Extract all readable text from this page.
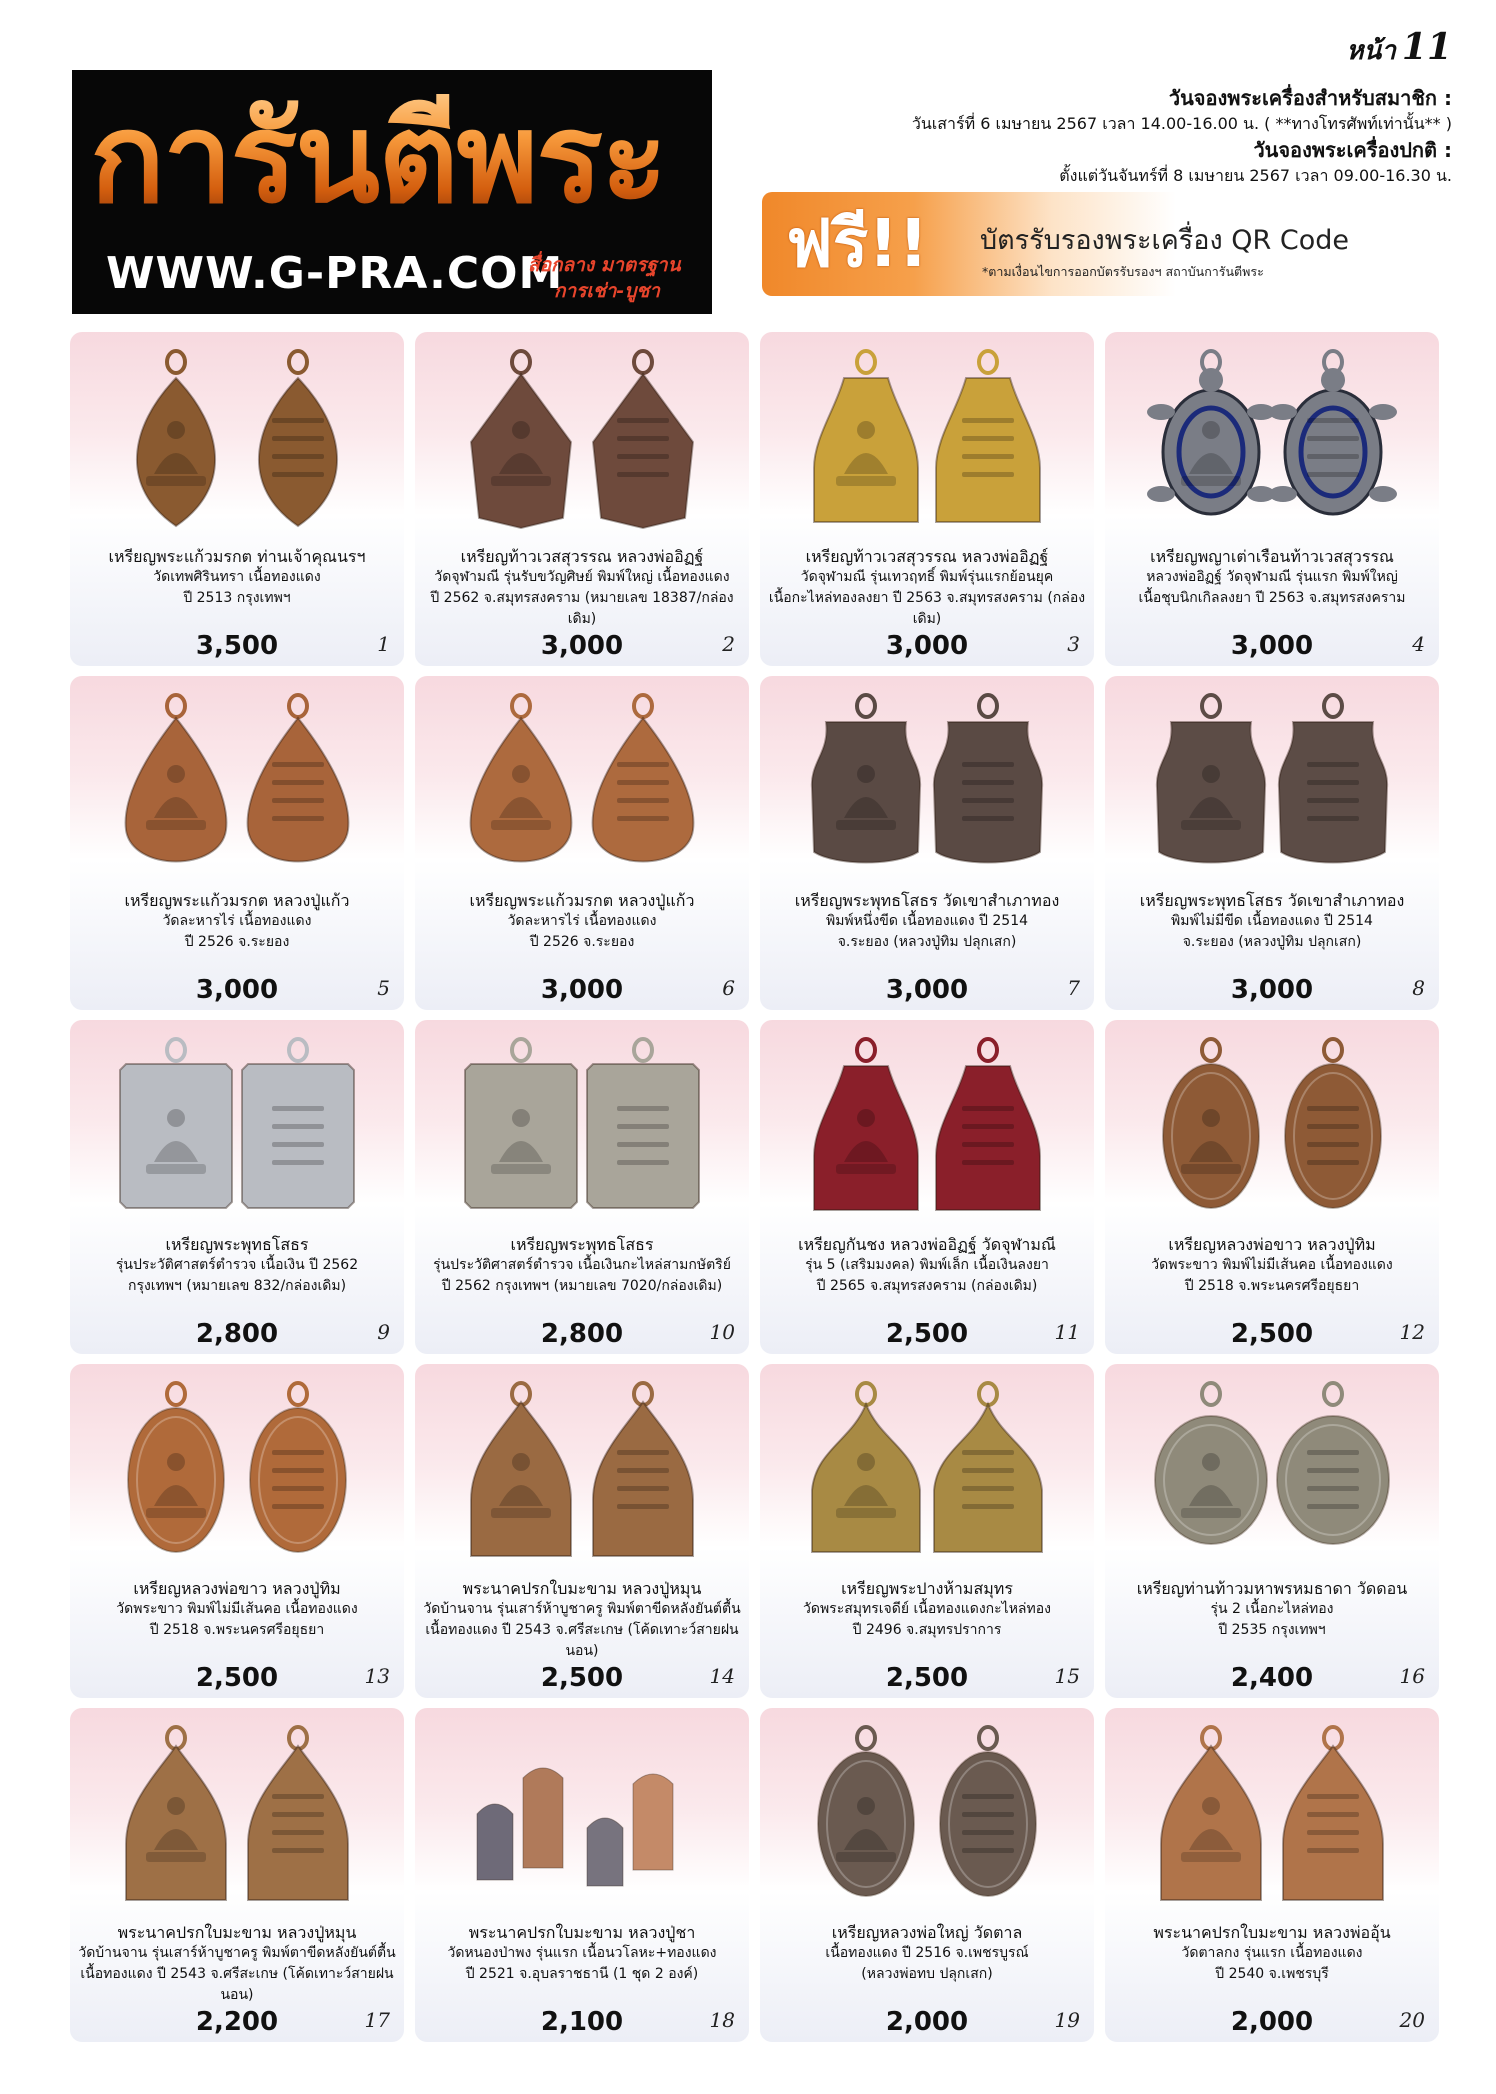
หน้า 11
การันตีพระ
WWW.G-PRA.COM
สื่อกลาง มาตรฐาน
การเช่า-บูชา
วันจองพระเครื่องสำหรับสมาชิก :
วันเสาร์ที่ 6 เมษายน 2567 เวลา 14.00-16.00 น. ( **ทางโทรศัพท์เท่านั้น** )
วันจองพระเครื่องปกติ :
ตั้งแต่วันจันทร์ที่ 8 เมษายน 2567 เวลา 09.00-16.30 น.
ฟรี!! บัตรรับรองพระเครื่อง QR Code
*ตามเงื่อนไขการออกบัตรรับรองฯ สถาบันการันตีพระ
เหรียญพระแก้วมรกต ท่านเจ้าคุณนรฯ
วัดเทพศิรินทรา เนื้อทองแดง
ปี 2513 กรุงเทพฯ
3,500	1
เหรียญท้าวเวสสุวรรณ หลวงพ่ออิฏฐ์
วัดจุฬามณี รุ่นรับขวัญศิษย์ พิมพ์ใหญ่ เนื้อทองแดง
ปี 2562 จ.สมุทรสงคราม (หมายเลข 18387/กล่องเดิม)
3,000	2
เหรียญท้าวเวสสุวรรณ หลวงพ่ออิฏฐ์
วัดจุฬามณี รุ่นเทวฤทธิ์ พิมพ์รุ่นแรกย้อนยุค
เนื้อกะไหล่ทองลงยา ปี 2563 จ.สมุทรสงคราม (กล่องเดิม)
3,000	3
เหรียญพญาเต่าเรือนท้าวเวสสุวรรณ
หลวงพ่ออิฏฐ์ วัดจุฬามณี รุ่นแรก พิมพ์ใหญ่
เนื้อชุบนิกเกิลลงยา ปี 2563 จ.สมุทรสงคราม
3,000	4
เหรียญพระแก้วมรกต หลวงปู่แก้ว
วัดละหารไร่ เนื้อทองแดง
ปี 2526 จ.ระยอง
3,000	5
เหรียญพระแก้วมรกต หลวงปู่แก้ว
วัดละหารไร่ เนื้อทองแดง
ปี 2526 จ.ระยอง
3,000	6
เหรียญพระพุทธโสธร วัดเขาสำเภาทอง
พิมพ์หนึ่งขีด เนื้อทองแดง ปี 2514
จ.ระยอง (หลวงปู่ทิม ปลุกเสก)
3,000	7
เหรียญพระพุทธโสธร วัดเขาสำเภาทอง
พิมพ์ไม่มีขีด เนื้อทองแดง ปี 2514
จ.ระยอง (หลวงปู่ทิม ปลุกเสก)
3,000	8
เหรียญพระพุทธโสธร
รุ่นประวัติศาสตร์ตำรวจ เนื้อเงิน ปี 2562
กรุงเทพฯ (หมายเลข 832/กล่องเดิม)
2,800	9
เหรียญพระพุทธโสธร
รุ่นประวัติศาสตร์ตำรวจ เนื้อเงินกะไหล่สามกษัตริย์
ปี 2562 กรุงเทพฯ (หมายเลข 7020/กล่องเดิม)
2,800	10
เหรียญกันชง หลวงพ่ออิฏฐ์ วัดจุฬามณี
รุ่น 5 (เสริมมงคล) พิมพ์เล็ก เนื้อเงินลงยา
ปี 2565 จ.สมุทรสงคราม (กล่องเดิม)
2,500	11
เหรียญหลวงพ่อขาว หลวงปู่ทิม
วัดพระขาว พิมพ์ไม่มีเส้นคอ เนื้อทองแดง
ปี 2518 จ.พระนครศรีอยุธยา
2,500	12
เหรียญหลวงพ่อขาว หลวงปู่ทิม
วัดพระขาว พิมพ์ไม่มีเส้นคอ เนื้อทองแดง
ปี 2518 จ.พระนครศรีอยุธยา
2,500	13
พระนาคปรกใบมะขาม หลวงปู่หมุน
วัดบ้านจาน รุ่นเสาร์ห้าบูชาครู พิมพ์ตาขีดหลังยันต์ตื้น
เนื้อทองแดง ปี 2543 จ.ศรีสะเกษ (โค้ดเทาะว์สายฝนนอน)
2,500	14
เหรียญพระปางห้ามสมุทร
วัดพระสมุทรเจดีย์ เนื้อทองแดงกะไหล่ทอง
ปี 2496 จ.สมุทรปราการ
2,500	15
เหรียญท่านท้าวมหาพรหมธาดา วัดดอน
รุ่น 2 เนื้อกะไหล่ทอง
ปี 2535 กรุงเทพฯ
2,400	16
พระนาคปรกใบมะขาม หลวงปู่หมุน
วัดบ้านจาน รุ่นเสาร์ห้าบูชาครู พิมพ์ตาขีดหลังยันต์ตื้น
เนื้อทองแดง ปี 2543 จ.ศรีสะเกษ (โค้ดเทาะว์สายฝนนอน)
2,200	17
พระนาคปรกใบมะขาม หลวงปู่ชา
วัดหนองป่าพง รุ่นแรก เนื้อนวโลหะ+ทองแดง
ปี 2521 จ.อุบลราชธานี (1 ชุด 2 องค์)
2,100	18
เหรียญหลวงพ่อใหญ่ วัดตาล
เนื้อทองแดง ปี 2516 จ.เพชรบูรณ์
(หลวงพ่อทบ ปลุกเสก)
2,000	19
พระนาคปรกใบมะขาม หลวงพ่ออุ้น
วัดตาลกง รุ่นแรก เนื้อทองแดง
ปี 2540 จ.เพชรบุรี
2,000	20
